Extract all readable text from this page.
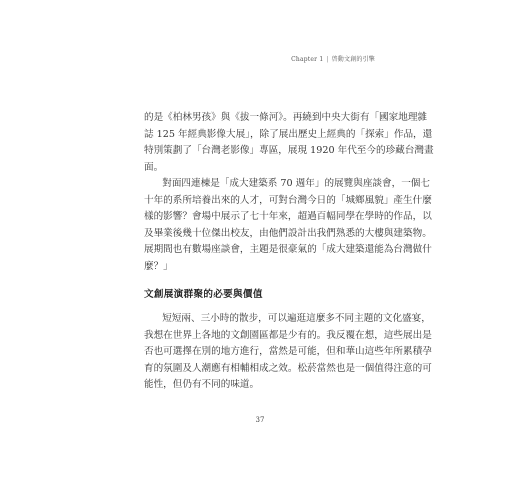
Chapter 1 | 啓動文創的引擎
的是《柏林男孩》與《拔一條河》。再繞到中央大街有「國家地理雜
誌 125 年經典影像大展」，除了展出歷史上經典的「探索」作品，還
特別策劃了「台灣老影像」專區，展現 1920 年代至今的珍藏台灣畫
面。
對面四連棟是「成大建築系 70 週年」的展覽與座談會，一個七
十年的系所培養出來的人才，可對台灣今日的「城鄉風貌」產生什麼
樣的影響？會場中展示了七十年來，超過百幅同學在學時的作品，以
及畢業後幾十位傑出校友，由他們設計出我們熟悉的大樓與建築物。
展期間也有數場座談會，主題是很豪氣的「成大建築還能為台灣做什
麼？」
文創展演群聚的必要與價值
短短兩、三小時的散步，可以遍逛這麼多不同主題的文化盛宴，
我想在世界上各地的文創園區都是少有的。我反覆在想，這些展出是
否也可選擇在別的地方進行，當然是可能，但和華山這些年所累積孕
育的氛圍及人潮應有相輔相成之效。松菸當然也是一個值得注意的可
能性，但仍有不同的味道。
37
